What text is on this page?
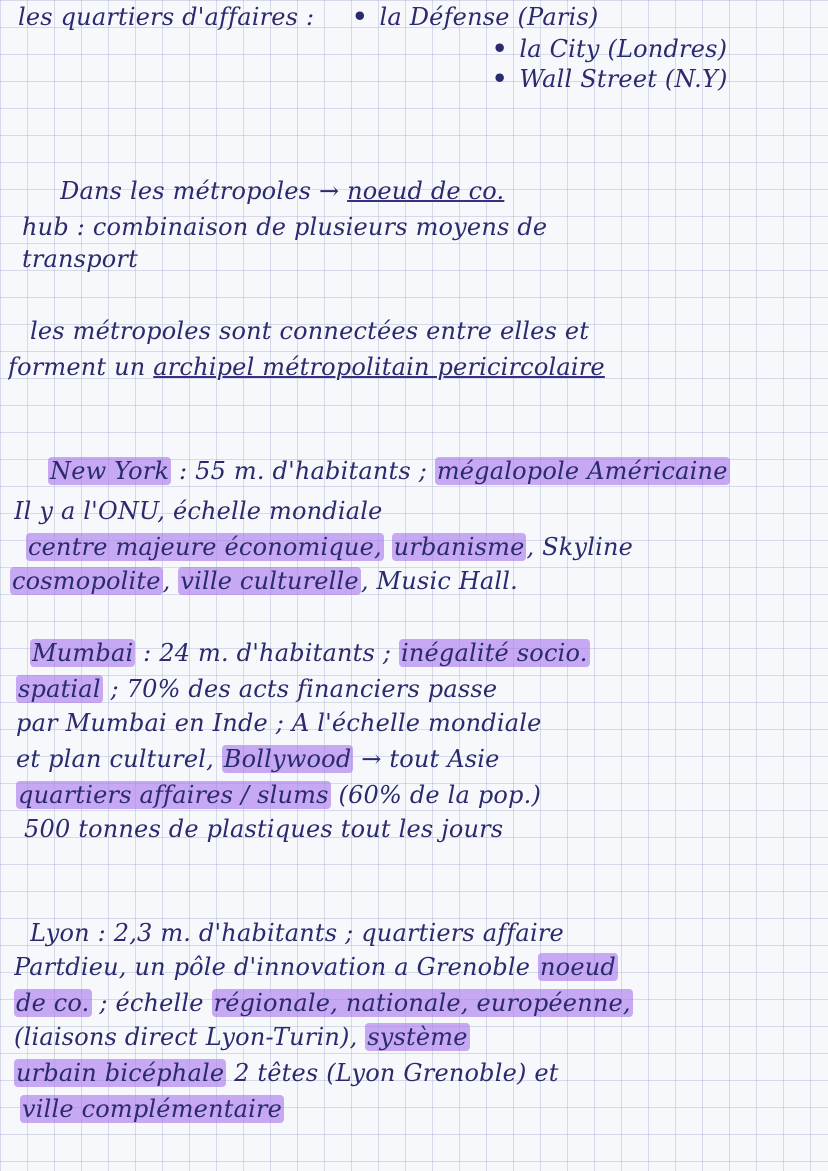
les quartiers d'affaires : • la Défense (Paris)
• la City (Londres)
• Wall Street (N.Y)
Dans les métropoles → noeud de co.
hub : combinaison de plusieurs moyens de
transport
les métropoles sont connectées entre elles et
forment un archipel métropolitain pericircolaire
New York : 55 m. d'habitants ; mégalopole Américaine
Il y a l'ONU, échelle mondiale
centre majeure économique, urbanisme, Skyline
cosmopolite, ville culturelle, Music Hall.
Mumbai : 24 m. d'habitants ; inégalité socio.
spatial ; 70% des acts financiers passe
par Mumbai en Inde ; A l'échelle mondiale
et plan culturel, Bollywood → tout Asie
quartiers affaires / slums (60% de la pop.)
500 tonnes de plastiques tout les jours
Lyon : 2,3 m. d'habitants ; quartiers affaire
Partdieu, un pôle d'innovation a Grenoble noeud
de co. ; échelle régionale, nationale, européenne,
(liaisons direct Lyon-Turin), système
urbain bicéphale 2 têtes (Lyon Grenoble) et
ville complémentaire
